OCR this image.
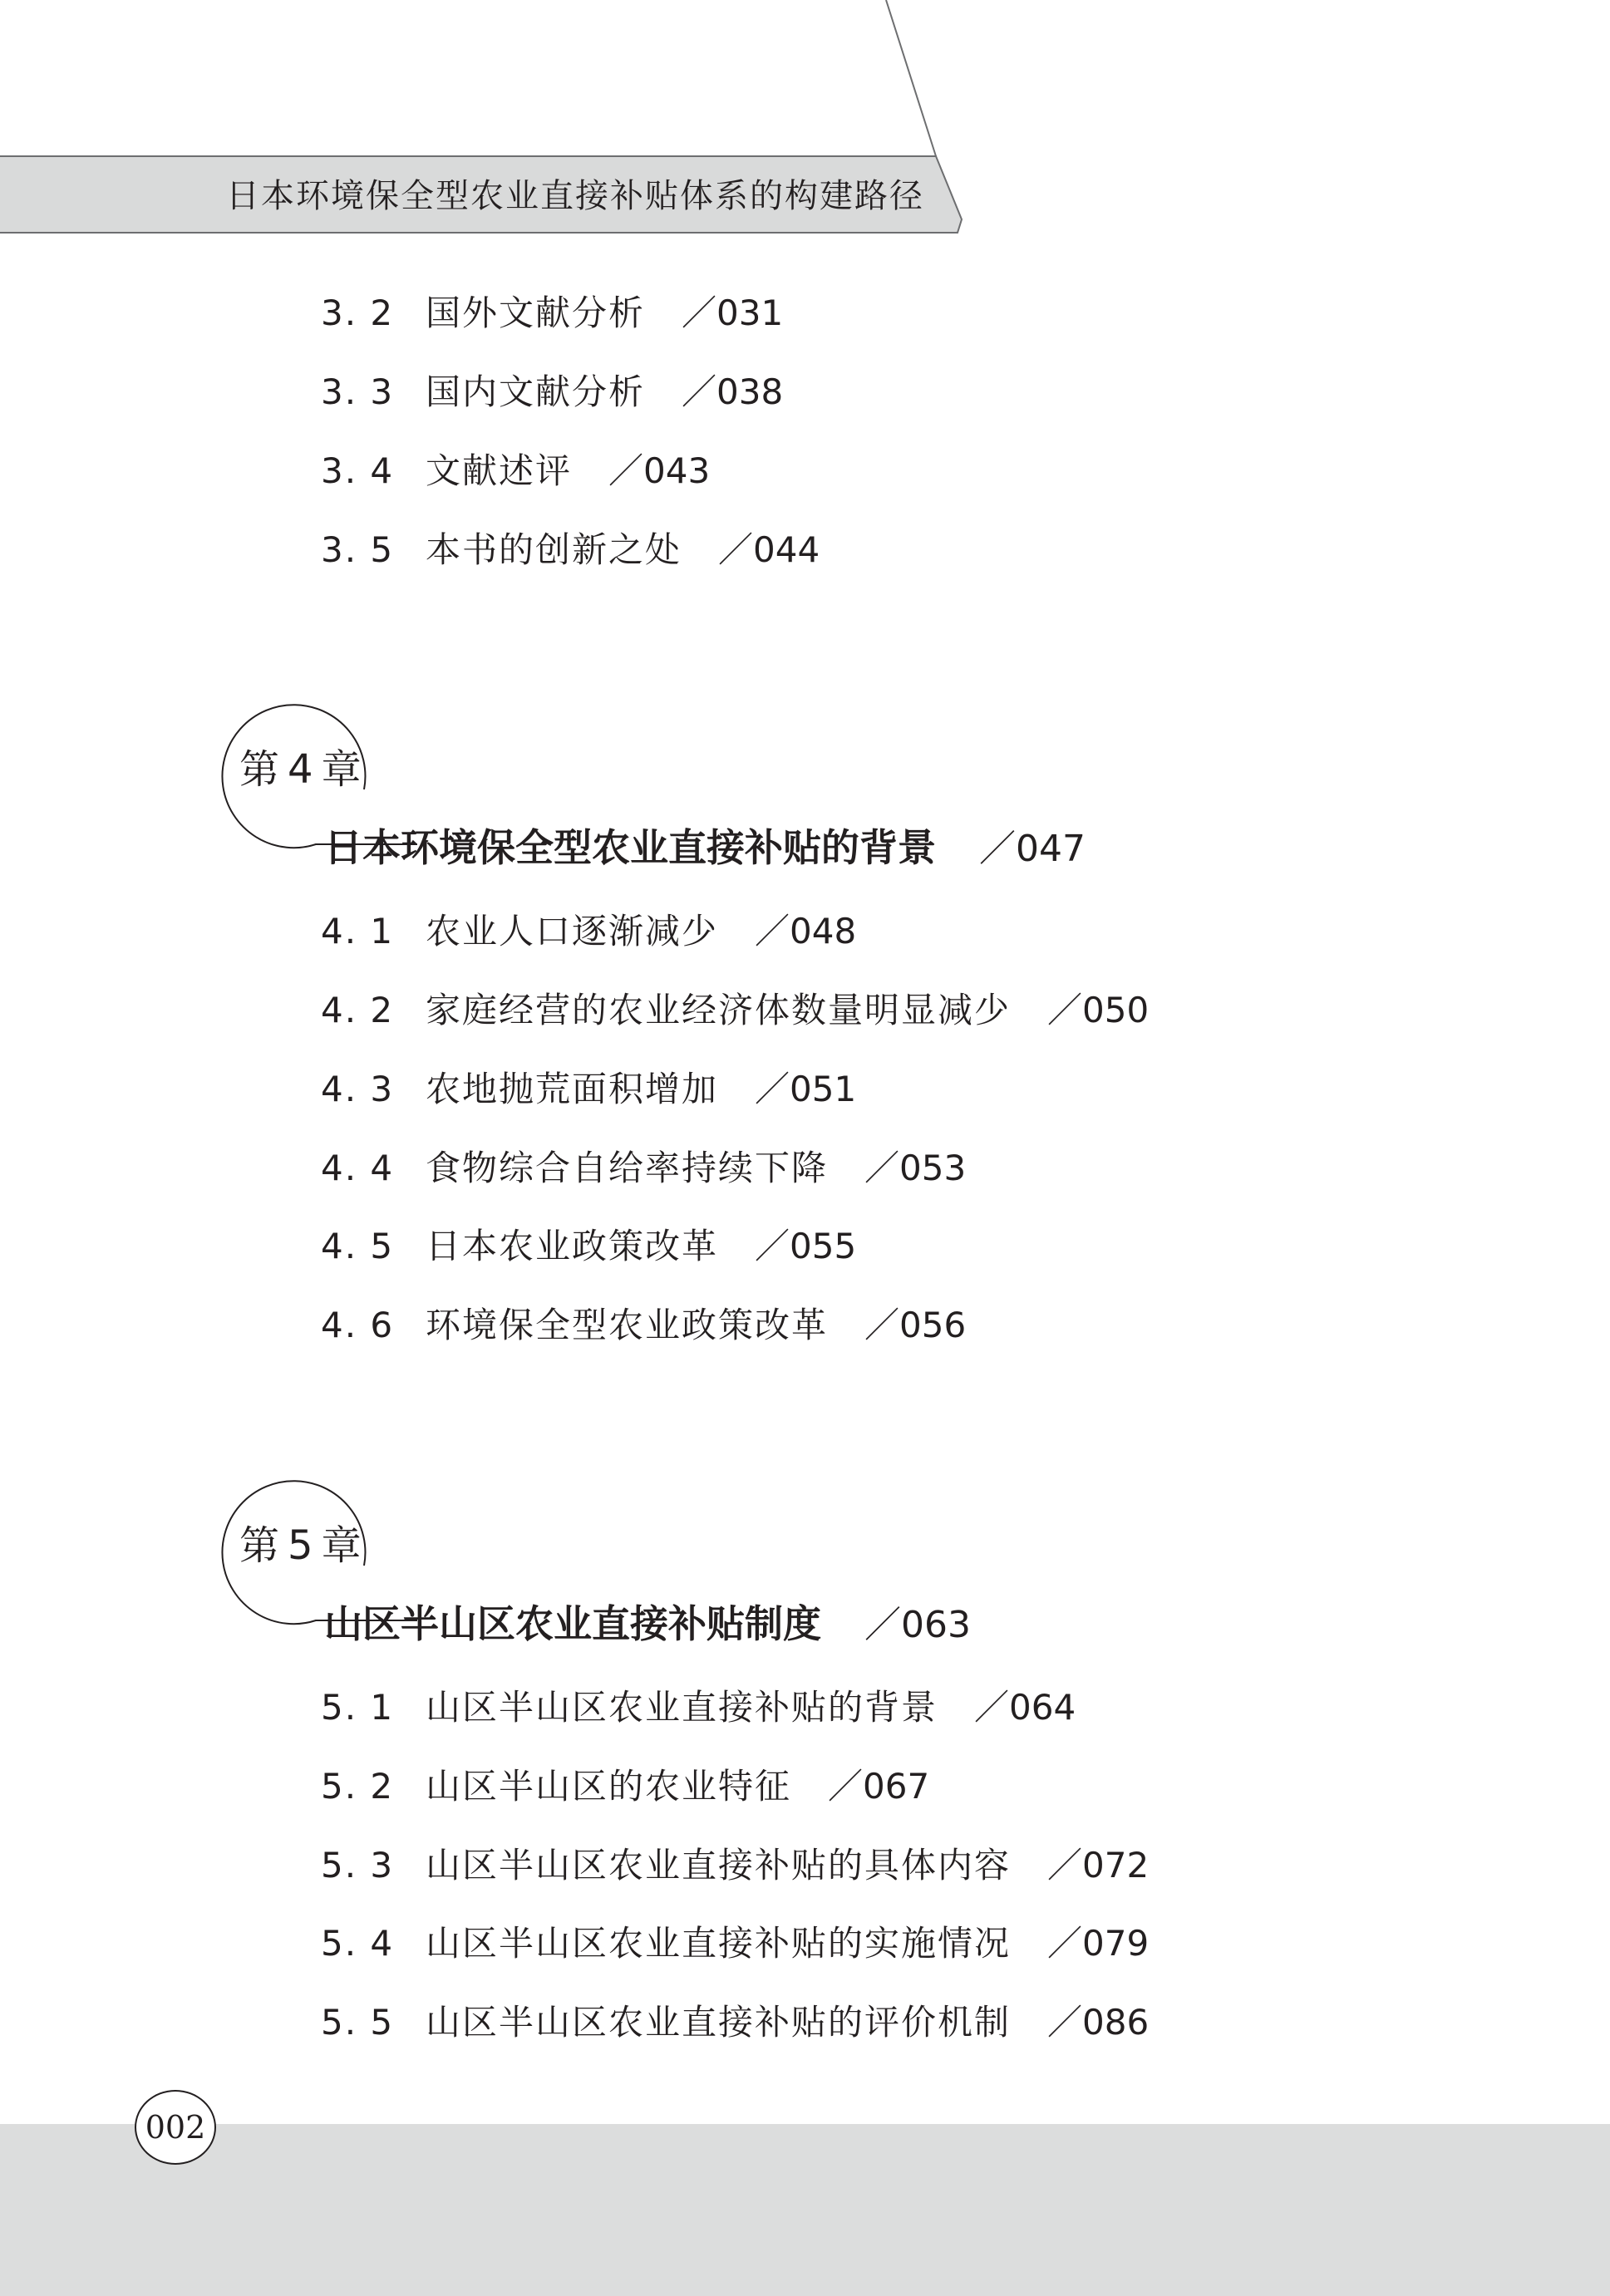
日本环境保全型农业直接补贴体系的构建路径
3. 2 国外文献分析 ／031
3. 3 国内文献分析 ／038
3. 4 文献述评 ／043
3. 5 本书的创新之处 ／044
第 4 章
日本环境保全型农业直接补贴的背景 ／047
4. 1 农业人口逐渐减少 ／048
4. 2 家庭经营的农业经济体数量明显减少 ／050
4. 3 农地抛荒面积增加 ／051
4. 4 食物综合自给率持续下降 ／053
4. 5 日本农业政策改革 ／055
4. 6 环境保全型农业政策改革 ／056
第 5 章
山区半山区农业直接补贴制度 ／063
5. 1 山区半山区农业直接补贴的背景 ／064
5. 2 山区半山区的农业特征 ／067
5. 3 山区半山区农业直接补贴的具体内容 ／072
5. 4 山区半山区农业直接补贴的实施情况 ／079
5. 5 山区半山区农业直接补贴的评价机制 ／086
002
